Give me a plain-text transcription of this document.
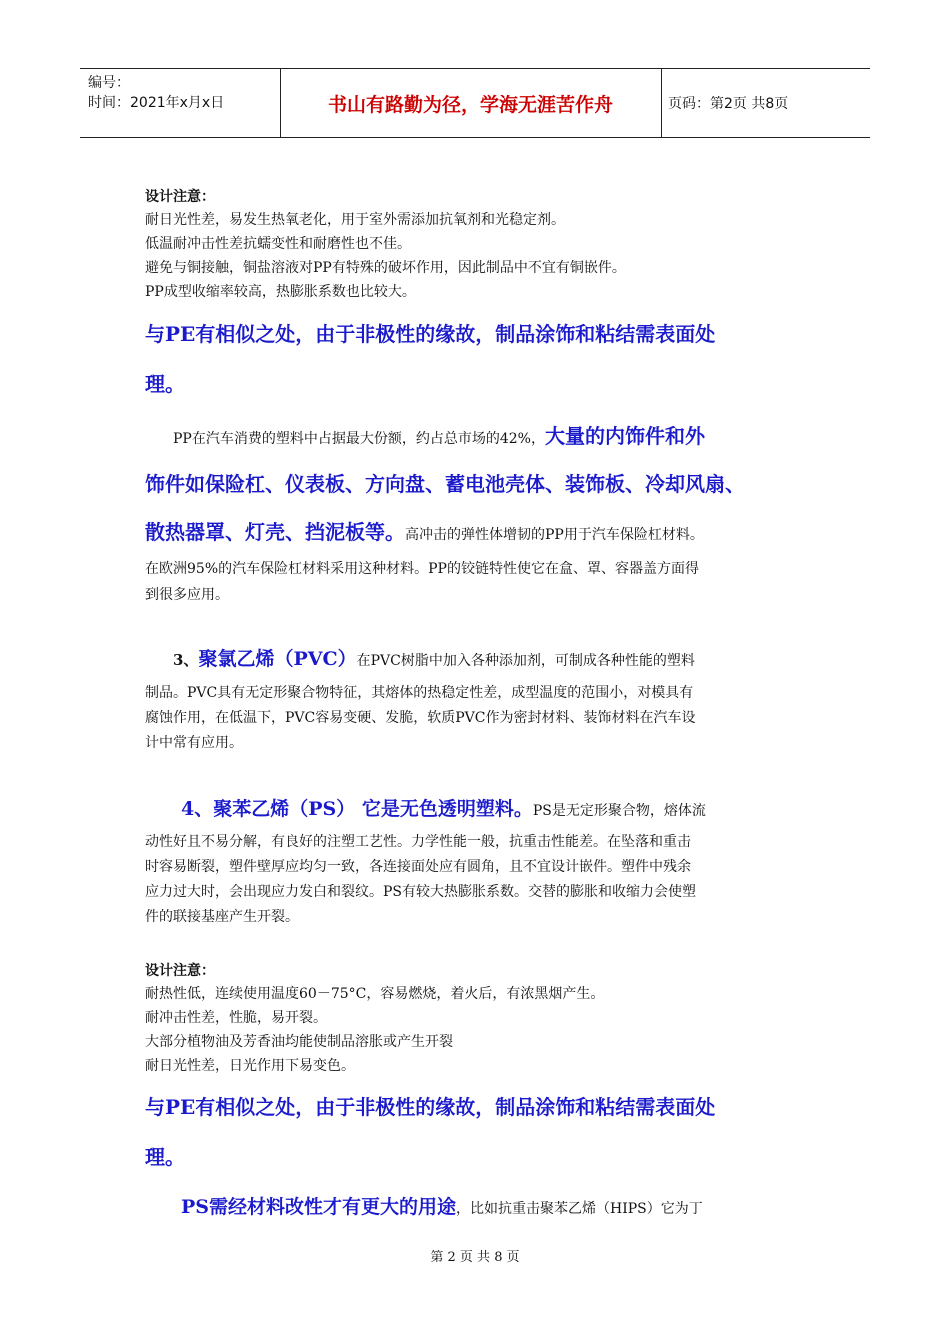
编号：
时间：2021年x月x日	书山有路勤为径，学海无涯苦作舟	页码：第2页 共8页
设计注意：
耐日光性差，易发生热氧老化，用于室外需添加抗氧剂和光稳定剂。
低温耐冲击性差抗蠕变性和耐磨性也不佳。
避免与铜接触，铜盐溶液对PP有特殊的破坏作用，因此制品中不宜有铜嵌件。
PP成型收缩率较高，热膨胀系数也比较大。
与PE有相似之处，由于非极性的缘故，制品涂饰和粘结需表面处
理。
PP在汽车消费的塑料中占据最大份额，约占总市场的42%，大量的内饰件和外
饰件如保险杠、仪表板、方向盘、蓄电池壳体、装饰板、冷却风扇、
散热器罩、灯壳、挡泥板等。高冲击的弹性体增韧的PP用于汽车保险杠材料。
在欧洲95%的汽车保险杠材料采用这种材料。PP的铰链特性使它在盒、罩、容器盖方面得
到很多应用。
3、聚氯乙烯（PVC）在PVC树脂中加入各种添加剂，可制成各种性能的塑料
制品。PVC具有无定形聚合物特征，其熔体的热稳定性差，成型温度的范围小，对模具有
腐蚀作用，在低温下，PVC容易变硬、发脆，软质PVC作为密封材料、装饰材料在汽车设
计中常有应用。
4、聚苯乙烯（PS） 它是无色透明塑料。PS是无定形聚合物，熔体流
动性好且不易分解，有良好的注塑工艺性。力学性能一般，抗重击性能差。在坠落和重击
时容易断裂，塑件壁厚应均匀一致，各连接面处应有圆角，且不宜设计嵌件。塑件中残余
应力过大时，会出现应力发白和裂纹。PS有较大热膨胀系数。交替的膨胀和收缩力会使塑
件的联接基座产生开裂。
设计注意：
耐热性低，连续使用温度60－75°C，容易燃烧，着火后，有浓黑烟产生。
耐冲击性差，性脆，易开裂。
大部分植物油及芳香油均能使制品溶胀或产生开裂
耐日光性差，日光作用下易变色。
与PE有相似之处，由于非极性的缘故，制品涂饰和粘结需表面处
理。
PS需经材料改性才有更大的用途，比如抗重击聚苯乙烯（HIPS）它为丁
第 2 页 共 8 页
